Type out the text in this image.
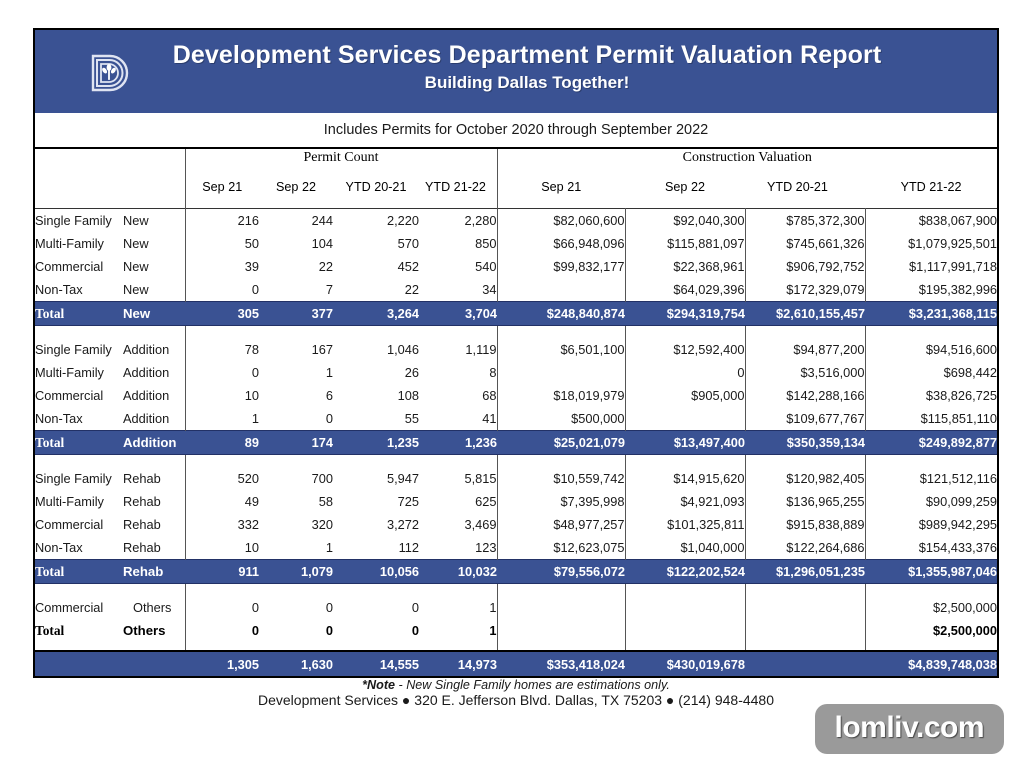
Development Services Department Permit Valuation Report
Building Dallas Together!
Includes Permits for October 2020 through September 2022
		Permit Count				Construction Valuation			
		Sep 21	Sep 22	YTD 20-21	YTD 21-22	Sep 21	Sep 22	YTD 20-21	YTD 21-22
Single Family	New	216	244	2,220	2,280	$82,060,600	$92,040,300	$785,372,300	$838,067,900
Multi-Family	New	50	104	570	850	$66,948,096	$115,881,097	$745,661,326	$1,079,925,501
Commercial	New	39	22	452	540	$99,832,177	$22,368,961	$906,792,752	$1,117,991,718
Non-Tax	New	0	7	22	34		$64,029,396	$172,329,079	$195,382,996
Total	New	305	377	3,264	3,704	$248,840,874	$294,319,754	$2,610,155,457	$3,231,368,115

Single Family	Addition	78	167	1,046	1,119	$6,501,100	$12,592,400	$94,877,200	$94,516,600
Multi-Family	Addition	0	1	26	8		0	$3,516,000	$698,442
Commercial	Addition	10	6	108	68	$18,019,979	$905,000	$142,288,166	$38,826,725
Non-Tax	Addition	1	0	55	41	$500,000		$109,677,767	$115,851,110
Total	Addition	89	174	1,235	1,236	$25,021,079	$13,497,400	$350,359,134	$249,892,877

Single Family	Rehab	520	700	5,947	5,815	$10,559,742	$14,915,620	$120,982,405	$121,512,116
Multi-Family	Rehab	49	58	725	625	$7,395,998	$4,921,093	$136,965,255	$90,099,259
Commercial	Rehab	332	320	3,272	3,469	$48,977,257	$101,325,811	$915,838,889	$989,942,295
Non-Tax	Rehab	10	1	112	123	$12,623,075	$1,040,000	$122,264,686	$154,433,376
Total	Rehab	911	1,079	10,056	10,032	$79,556,072	$122,202,524	$1,296,051,235	$1,355,987,046

Commercial	Others	0	0	0	1				$2,500,000
Total	Others	0	0	0	1				$2,500,000

		1,305	1,630	14,555	14,973	$353,418,024	$430,019,678		$4,839,748,038
*Note - New Single Family homes are estimations only.
Development Services ● 320 E. Jefferson Blvd. Dallas, TX 75203 ● (214) 948-4480
lomliv.com
